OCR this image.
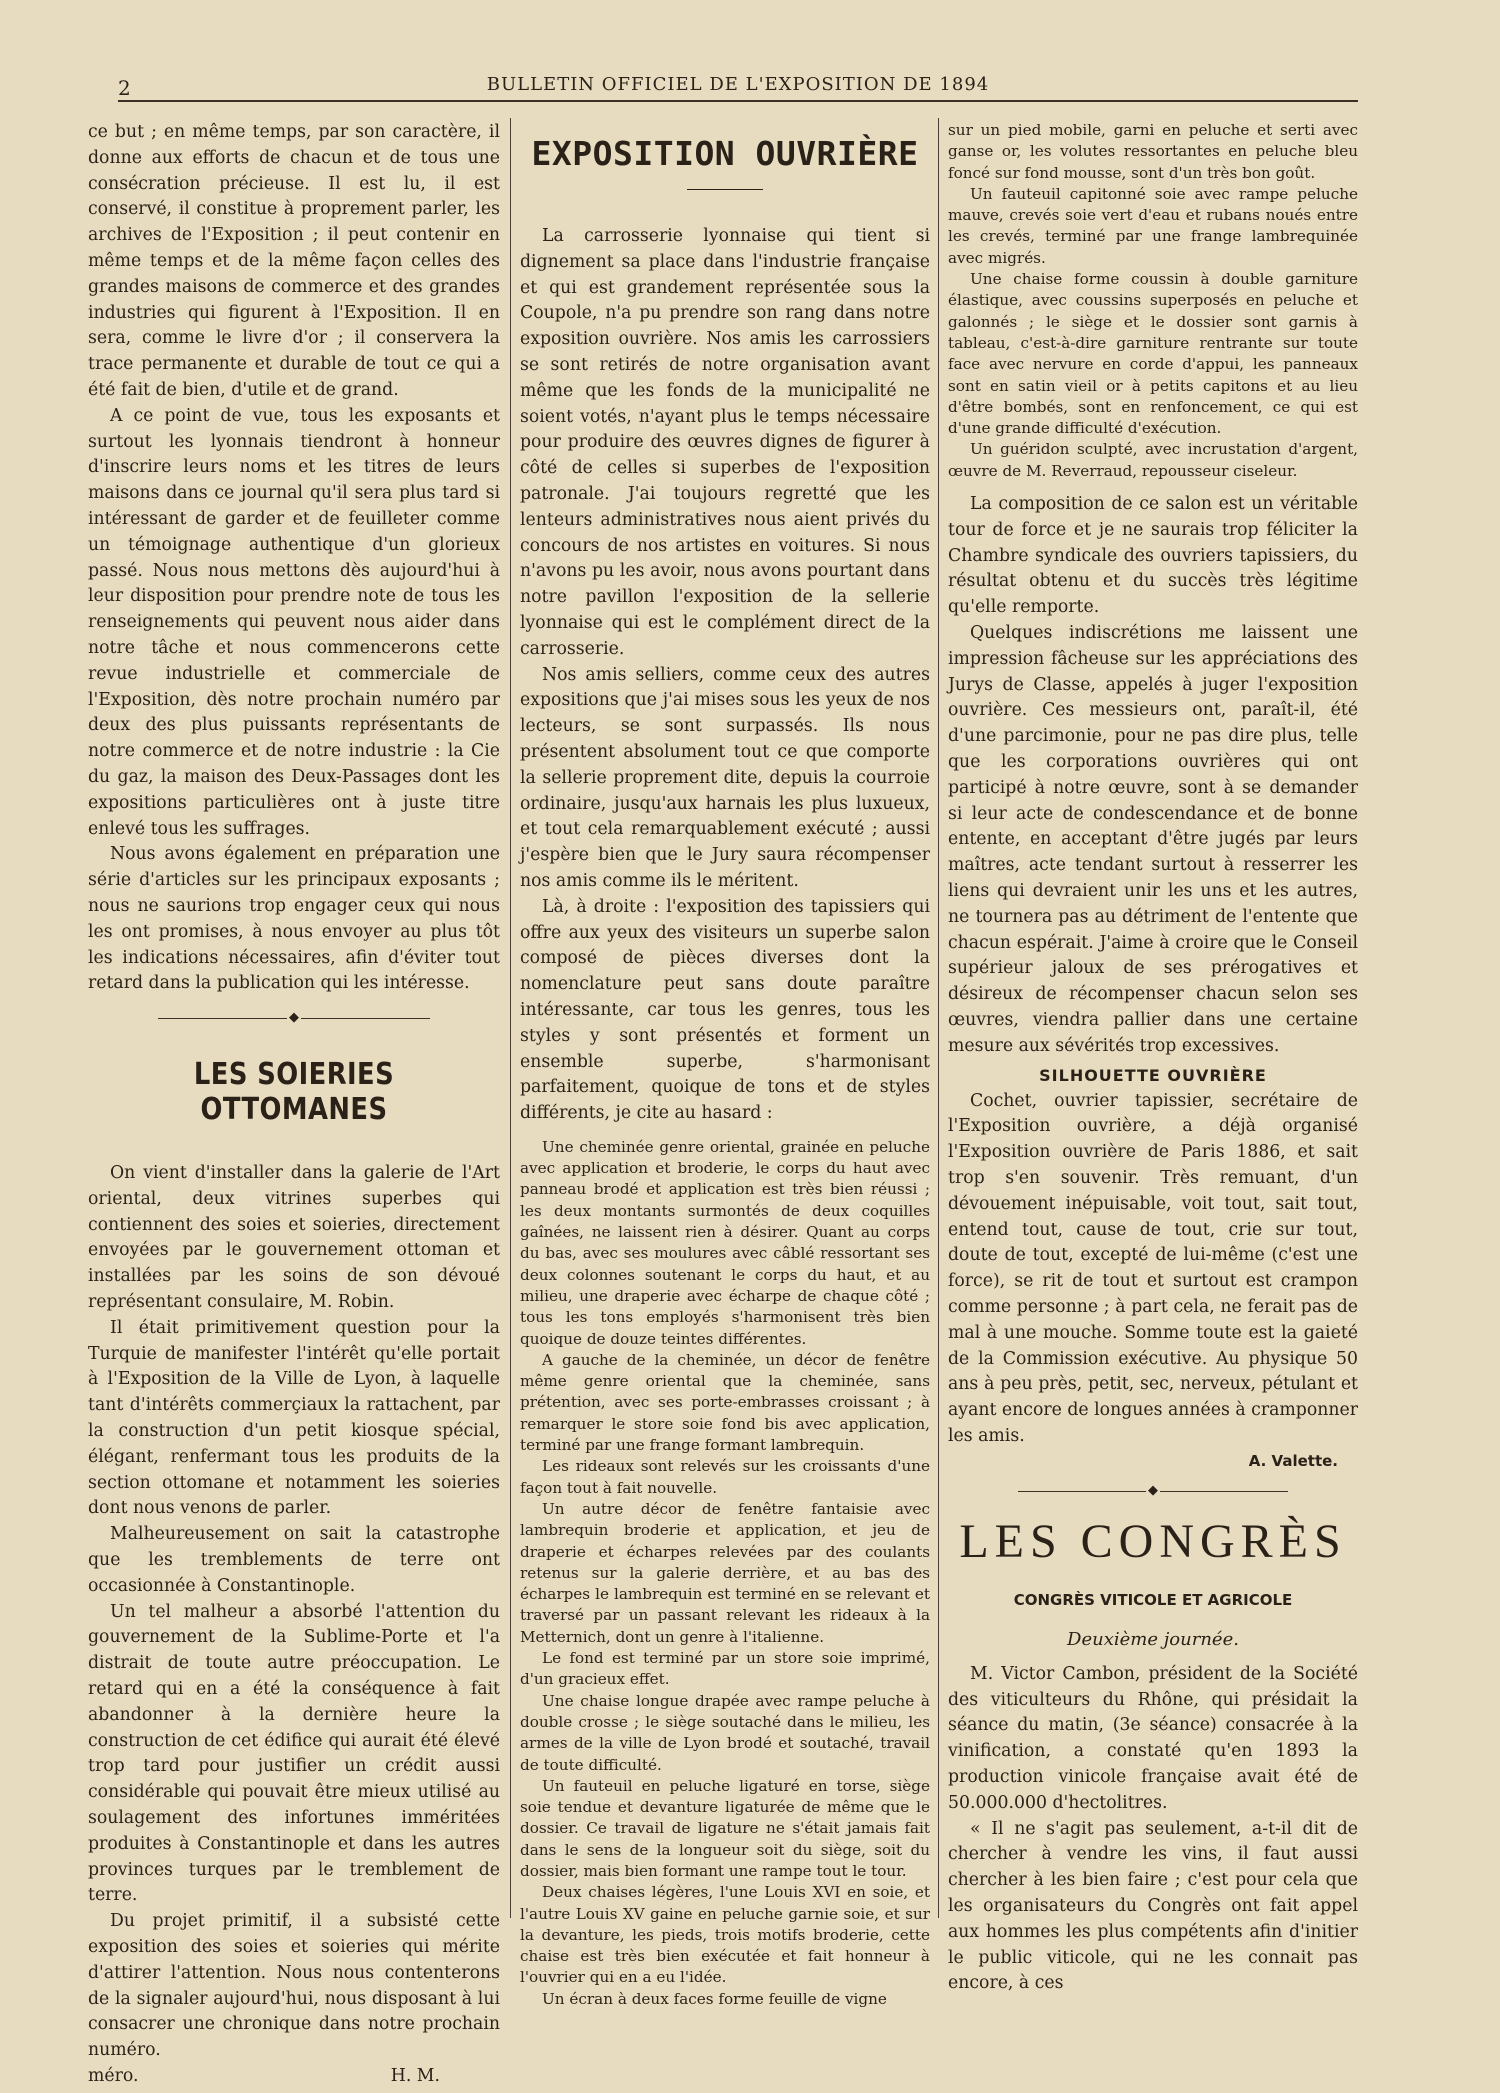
2	BULLETIN OFFICIEL DE L'EXPOSITION DE 1894

ce but ; en même temps, par son caractère, il donne aux efforts de chacun et de tous une consécration précieuse. Il est lu, il est conservé, il constitue à proprement parler, les archives de l'Exposition ; il peut contenir en même temps et de la même façon celles des grandes maisons de commerce et des grandes industries qui figurent à l'Exposition. Il en sera, comme le livre d'or ; il conservera la trace permanente et durable de tout ce qui a été fait de bien, d'utile et de grand.

A ce point de vue, tous les exposants et surtout les lyonnais tiendront à honneur d'inscrire leurs noms et les titres de leurs maisons dans ce journal qu'il sera plus tard si intéressant de garder et de feuilleter comme un témoignage authentique d'un glorieux passé. Nous nous mettons dès aujourd'hui à leur disposition pour prendre note de tous les renseignements qui peuvent nous aider dans notre tâche et nous commencerons cette revue industrielle et commerciale de l'Exposition, dès notre prochain numéro par deux des plus puissants représentants de notre commerce et de notre industrie : la Cie du gaz, la maison des Deux-Passages dont les expositions particulières ont à juste titre enlevé tous les suffrages.

Nous avons également en préparation une série d'articles sur les principaux exposants ; nous ne saurions trop engager ceux qui nous les ont promises, à nous envoyer au plus tôt les indications nécessaires, afin d'éviter tout retard dans la publication qui les intéresse.

◆
LES SOIERIES OTTOMANES

On vient d'installer dans la galerie de l'Art oriental, deux vitrines superbes qui contiennent des soies et soieries, directement envoyées par le gouvernement ottoman et installées par les soins de son dévoué représentant consulaire, M. Robin.

Il était primitivement question pour la Turquie de manifester l'intérêt qu'elle portait à l'Exposition de la Ville de Lyon, à laquelle tant d'intérêts commerçiaux la rattachent, par la construction d'un petit kiosque spécial, élégant, renfermant tous les produits de la section ottomane et notamment les soieries dont nous venons de parler.

Malheureusement on sait la catastrophe que les tremblements de terre ont occasionnée à Constantinople.

Un tel malheur a absorbé l'attention du gouvernement de la Sublime-Porte et l'a distrait de toute autre préoccupation. Le retard qui en a été la conséquence à fait abandonner à la dernière heure la construction de cet édifice qui aurait été élevé trop tard pour justifier un crédit aussi considérable qui pouvait être mieux utilisé au soulagement des infortunes imméritées produites à Constantinople et dans les autres provinces turques par le tremblement de terre.

Du projet primitif, il a subsisté cette exposition des soies et soieries qui mérite d'attirer l'attention. Nous nous contenterons de la signaler aujourd'hui, nous disposant à lui consacrer une chronique dans notre prochain numéro.

méro.	H. M.
EXPOSITION OUVRIÈRE

La carrosserie lyonnaise qui tient si dignement sa place dans l'industrie française et qui est grandement représentée sous la Coupole, n'a pu prendre son rang dans notre exposition ouvrière. Nos amis les carrossiers se sont retirés de notre organisation avant même que les fonds de la municipalité ne soient votés, n'ayant plus le temps nécessaire pour produire des œuvres dignes de figurer à côté de celles si superbes de l'exposition patronale. J'ai toujours regretté que les lenteurs administratives nous aient privés du concours de nos artistes en voitures. Si nous n'avons pu les avoir, nous avons pourtant dans notre pavillon l'exposition de la sellerie lyonnaise qui est le complément direct de la carrosserie.

Nos amis selliers, comme ceux des autres expositions que j'ai mises sous les yeux de nos lecteurs, se sont surpassés. Ils nous présentent absolument tout ce que comporte la sellerie proprement dite, depuis la courroie ordinaire, jusqu'aux harnais les plus luxueux, et tout cela remarquablement exécuté ; aussi j'espère bien que le Jury saura récompenser nos amis comme ils le méritent.

Là, à droite : l'exposition des tapissiers qui offre aux yeux des visiteurs un superbe salon composé de pièces diverses dont la nomenclature peut sans doute paraître intéressante, car tous les genres, tous les styles y sont présentés et forment un ensemble superbe, s'harmonisant parfaitement, quoique de tons et de styles différents, je cite au hasard :

Une cheminée genre oriental, grainée en peluche avec application et broderie, le corps du haut avec panneau brodé et application est très bien réussi ; les deux montants surmontés de deux coquilles gaînées, ne laissent rien à désirer. Quant au corps du bas, avec ses moulures avec câblé ressortant ses deux colonnes soutenant le corps du haut, et au milieu, une draperie avec écharpe de chaque côté ; tous les tons employés s'harmonisent très bien quoique de douze teintes différentes.

A gauche de la cheminée, un décor de fenêtre même genre oriental que la cheminée, sans prétention, avec ses porte-embrasses croissant ; à remarquer le store soie fond bis avec application, terminé par une frange formant lambrequin.

Les rideaux sont relevés sur les croissants d'une façon tout à fait nouvelle.

Un autre décor de fenêtre fantaisie avec lambrequin broderie et application, et jeu de draperie et écharpes relevées par des coulants retenus sur la galerie derrière, et au bas des écharpes le lambrequin est terminé en se relevant et traversé par un passant relevant les rideaux à la Metternich, dont un genre à l'italienne.

Le fond est terminé par un store soie imprimé, d'un gracieux effet.

Une chaise longue drapée avec rampe peluche à double crosse ; le siège soutaché dans le milieu, les armes de la ville de Lyon brodé et soutaché, travail de toute difficulté.

Un fauteuil en peluche ligaturé en torse, siège soie tendue et devanture ligaturée de même que le dossier. Ce travail de ligature ne s'était jamais fait dans le sens de la longueur soit du siège, soit du dossier, mais bien formant une rampe tout le tour.

Deux chaises légères, l'une Louis XVI en soie, et l'autre Louis XV gaine en peluche garnie soie, et sur la devanture, les pieds, trois motifs broderie, cette chaise est très bien exécutée et fait honneur à l'ouvrier qui en a eu l'idée.

Un écran à deux faces forme feuille de vigne

sur un pied mobile, garni en peluche et serti avec ganse or, les volutes ressortantes en peluche bleu foncé sur fond mousse, sont d'un très bon goût.

Un fauteuil capitonné soie avec rampe peluche mauve, crevés soie vert d'eau et rubans noués entre les crevés, terminé par une frange lambrequinée avec migrés.

Une chaise forme coussin à double garniture élastique, avec coussins superposés en peluche et galonnés ; le siège et le dossier sont garnis à tableau, c'est-à-dire garniture rentrante sur toute face avec nervure en corde d'appui, les panneaux sont en satin vieil or à petits capitons et au lieu d'être bombés, sont en renfoncement, ce qui est d'une grande difficulté d'exécution.

Un guéridon sculpté, avec incrustation d'argent, œuvre de M. Reverraud, repousseur ciseleur.

La composition de ce salon est un véritable tour de force et je ne saurais trop féliciter la Chambre syndicale des ouvriers tapissiers, du résultat obtenu et du succès très légitime qu'elle remporte.

Quelques indiscrétions me laissent une impression fâcheuse sur les appréciations des Jurys de Classe, appelés à juger l'exposition ouvrière. Ces messieurs ont, paraît-il, été d'une parcimonie, pour ne pas dire plus, telle que les corporations ouvrières qui ont participé à notre œuvre, sont à se demander si leur acte de condescendance et de bonne entente, en acceptant d'être jugés par leurs maîtres, acte tendant surtout à resserrer les liens qui devraient unir les uns et les autres, ne tournera pas au détriment de l'entente que chacun espérait. J'aime à croire que le Conseil supérieur jaloux de ses prérogatives et désireux de récompenser chacun selon ses œuvres, viendra pallier dans une certaine mesure aux sévérités trop excessives.

SILHOUETTE OUVRIÈRE

Cochet, ouvrier tapissier, secrétaire de l'Exposition ouvrière, a déjà organisé l'Exposition ouvrière de Paris 1886, et sait trop s'en souvenir. Très remuant, d'un dévouement inépuisable, voit tout, sait tout, entend tout, cause de tout, crie sur tout, doute de tout, excepté de lui-même (c'est une force), se rit de tout et surtout est crampon comme personne ; à part cela, ne ferait pas de mal à une mouche. Somme toute est la gaieté de la Commission exécutive. Au physique 50 ans à peu près, petit, sec, nerveux, pétulant et ayant encore de longues années à cramponner les amis.

A. Valette.
◆
LES CONGRÈS
CONGRÈS VITICOLE ET AGRICOLE
Deuxième journée.

M. Victor Cambon, président de la Société des viticulteurs du Rhône, qui présidait la séance du matin, (3e séance) consacrée à la vinification, a constaté qu'en 1893 la production vinicole française avait été de 50.000.000 d'hectolitres.

« Il ne s'agit pas seulement, a-t-il dit de chercher à vendre les vins, il faut aussi chercher à les bien faire ; c'est pour cela que les organisateurs du Congrès ont fait appel aux hommes les plus compétents afin d'initier le public viticole, qui ne les connait pas encore, à ces
